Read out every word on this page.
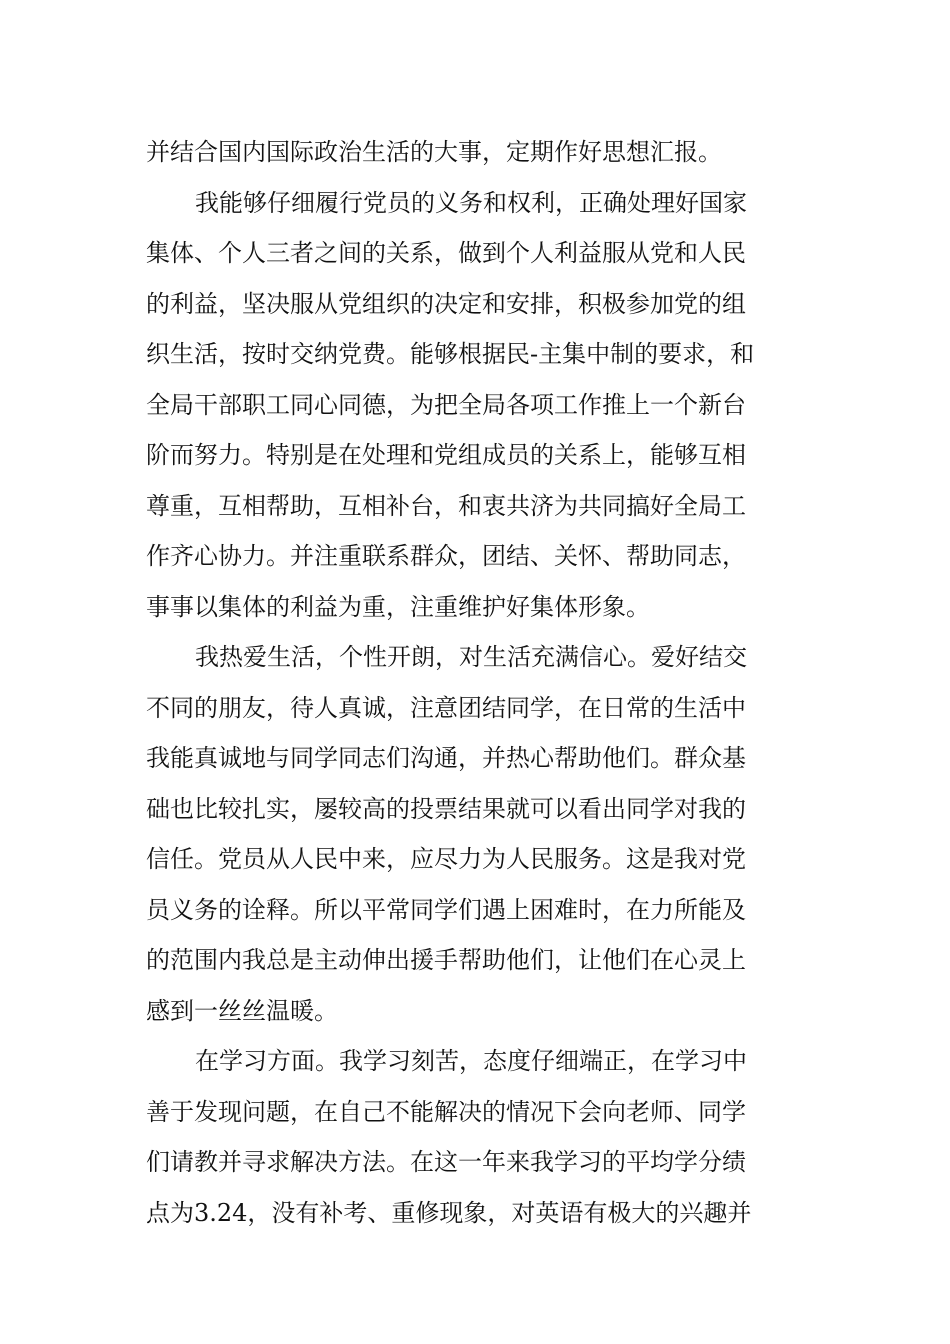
并结合国内国际政治生活的大事，定期作好思想汇报。
我能够仔细履行党员的义务和权利，正确处理好国家
集体、个人三者之间的关系，做到个人利益服从党和人民
的利益，坚决服从党组织的决定和安排，积极参加党的组
织生活，按时交纳党费。能够根据民-主集中制的要求，和
全局干部职工同心同德，为把全局各项工作推上一个新台
阶而努力。特别是在处理和党组成员的关系上，能够互相
尊重，互相帮助，互相补台，和衷共济为共同搞好全局工
作齐心协力。并注重联系群众，团结、关怀、帮助同志，
事事以集体的利益为重，注重维护好集体形象。
我热爱生活，个性开朗，对生活充满信心。爱好结交
不同的朋友，待人真诚，注意团结同学，在日常的生活中
我能真诚地与同学同志们沟通，并热心帮助他们。群众基
础也比较扎实，屡较高的投票结果就可以看出同学对我的
信任。党员从人民中来，应尽力为人民服务。这是我对党
员义务的诠释。所以平常同学们遇上困难时，在力所能及
的范围内我总是主动伸出援手帮助他们，让他们在心灵上
感到一丝丝温暖。
在学习方面。我学习刻苦，态度仔细端正，在学习中
善于发现问题，在自己不能解决的情况下会向老师、同学
们请教并寻求解决方法。在这一年来我学习的平均学分绩
点为3.24，没有补考、重修现象，对英语有极大的兴趣并
